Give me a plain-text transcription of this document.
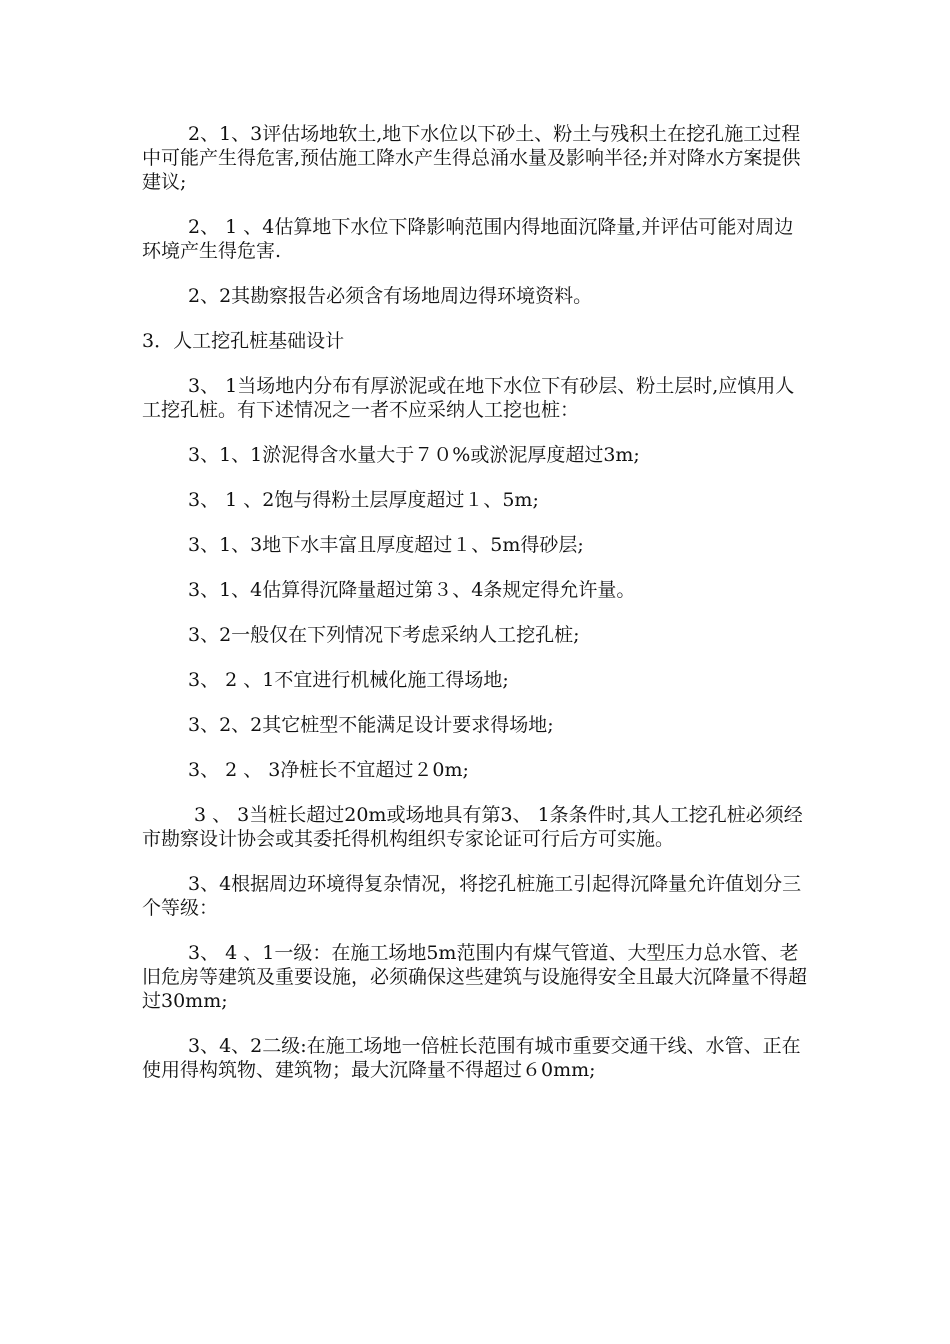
2、1、3评估场地软土,地下水位以下砂土、粉土与残积土在挖孔施工过程中可能产生得危害,预估施工降水产生得总涌水量及影响半径;并对降水方案提供建议;

2、 1 、4估算地下水位下降影响范围内得地面沉降量,并评估可能对周边环境产生得危害.

2、2其勘察报告必须含有场地周边得环境资料。

3．人工挖孔桩基础设计

3、 1当场地内分布有厚淤泥或在地下水位下有砂层、粉土层时,应慎用人工挖孔桩。有下述情况之一者不应采纳人工挖也桩：

3、1、1淤泥得含水量大于７０%或淤泥厚度超过3m;

3、 1 、2饱与得粉土层厚度超过１、5m;

3、1、3地下水丰富且厚度超过１、5m得砂层;

3、1、4估算得沉降量超过第３、4条规定得允许量。

3、2一般仅在下列情况下考虑采纳人工挖孔桩;

3、 2 、1不宜进行机械化施工得场地;

3、2、2其它桩型不能满足设计要求得场地;

3、 2 、 3净桩长不宜超过２0m;

3 、 3当桩长超过20m或场地具有第3、 1条条件时,其人工挖孔桩必须经市勘察设计协会或其委托得机构组织专家论证可行后方可实施。

3、4根据周边环境得复杂情况，将挖孔桩施工引起得沉降量允许值划分三个等级：

3、 4 、1一级：在施工场地5m范围内有煤气管道、大型压力总水管、老旧危房等建筑及重要设施，必须确保这些建筑与设施得安全且最大沉降量不得超过30mm;

3、4、2二级:在施工场地一倍桩长范围有城市重要交通干线、水管、正在使用得构筑物、建筑物；最大沉降量不得超过６0mm;
